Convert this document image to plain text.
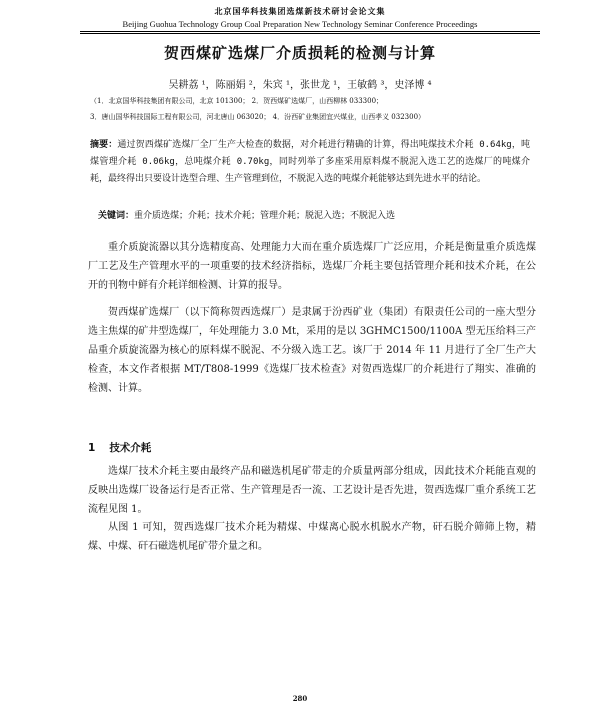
北京国华科技集团选煤新技术研讨会论文集
Beijing Guohua Technology Group Coal Preparation New Technology Seminar Conference Proceedings
贺西煤矿选煤厂介质损耗的检测与计算
吴耕荔 ¹，陈丽娟 ²，朱宾 ¹，张世龙 ¹，王敏鹤 ³，史泽博 ⁴
（1．北京国华科技集团有限公司，北京 101300； 2．贺西煤矿选煤厂，山西柳林 033300；
3．唐山国华科技国际工程有限公司，河北唐山 063020； 4．汾西矿业集团宜兴煤业，山西孝义 032300）
摘要：通过贺西煤矿选煤厂全厂生产大检查的数据，对介耗进行精确的计算，得出吨煤技术介耗 0.64kg，吨煤管理介耗 0.06kg，总吨煤介耗 0.70kg，同时列举了多座采用原料煤不脱泥入选工艺的选煤厂的吨煤介耗，最终得出只要设计选型合理、生产管理到位，不脱泥入选的吨煤介耗能够达到先进水平的结论。
关键词：重介质选煤；介耗；技术介耗；管理介耗；脱泥入选；不脱泥入选
重介质旋流器以其分选精度高、处理能力大而在重介质选煤厂广泛应用，介耗是衡量重介质选煤厂工艺及生产管理水平的一项重要的技术经济指标，选煤厂介耗主要包括管理介耗和技术介耗，在公开的刊物中鲜有介耗详细检测、计算的报导。
贺西煤矿选煤厂（以下简称贺西选煤厂）是隶属于汾西矿业（集团）有限责任公司的一座大型分选主焦煤的矿井型选煤厂，年处理能力 3.0 Mt，采用的是以 3GHMC1500/1100A 型无压给料三产品重介质旋流器为核心的原料煤不脱泥、不分级入选工艺。该厂于 2014 年 11 月进行了全厂生产大检查，本文作者根据 MT/T808-1999《选煤厂技术检查》对贺西选煤厂的介耗进行了翔实、准确的检测、计算。
1 技术介耗
选煤厂技术介耗主要由最终产品和磁选机尾矿带走的介质量两部分组成，因此技术介耗能直观的反映出选煤厂设备运行是否正常、生产管理是否一流、工艺设计是否先进，贺西选煤厂重介系统工艺流程见图 1。
从图 1 可知，贺西选煤厂技术介耗为精煤、中煤离心脱水机脱水产物，矸石脱介筛筛上物，精煤、中煤、矸石磁选机尾矿带介量之和。
280
